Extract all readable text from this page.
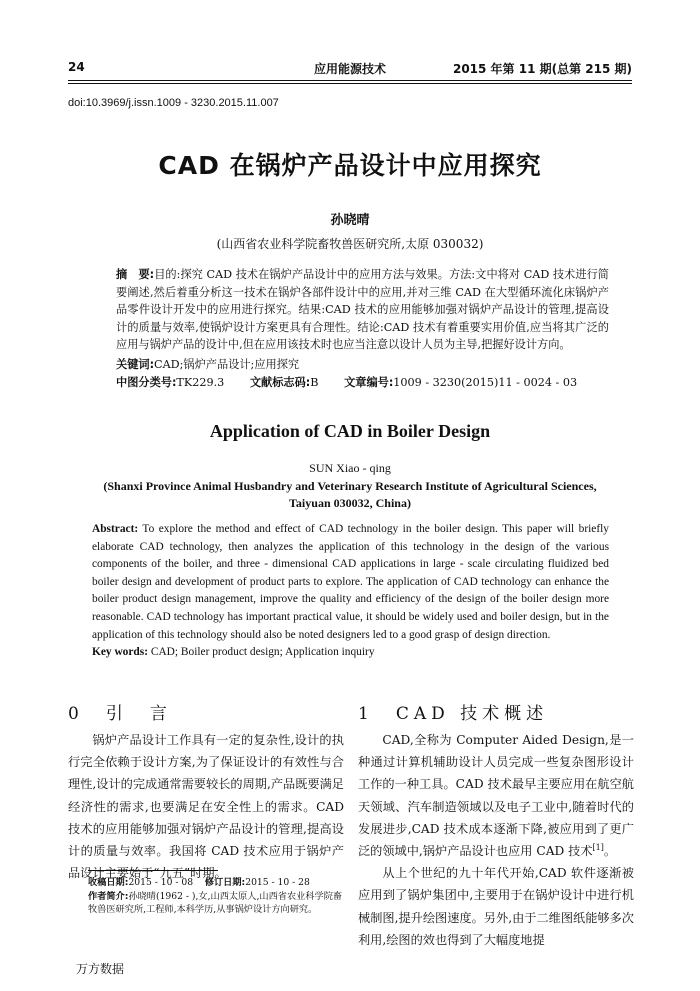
24	应用能源技术	2015 年第 11 期(总第 215 期)
doi:10.3969/j.issn.1009 - 3230.2015.11.007
CAD 在锅炉产品设计中应用探究
孙晓晴
(山西省农业科学院畜牧兽医研究所,太原 030032)
摘　要:目的:探究 CAD 技术在锅炉产品设计中的应用方法与效果。方法:文中将对 CAD 技术进行简要阐述,然后着重分析这一技术在锅炉各部件设计中的应用,并对三维 CAD 在大型循环流化床锅炉产品零件设计开发中的应用进行探究。结果:CAD 技术的应用能够加强对锅炉产品设计的管理,提高设计的质量与效率,使锅炉设计方案更具有合理性。结论:CAD 技术有着重要实用价值,应当将其广泛的应用与锅炉产品的设计中,但在应用该技术时也应当注意以设计人员为主导,把握好设计方向。
关键词:CAD;锅炉产品设计;应用探究
中图分类号:TK229.3 文献标志码:B 文章编号:1009 - 3230(2015)11 - 0024 - 03
Application of CAD in Boiler Design
SUN Xiao - qing
(Shanxi Province Animal Husbandry and Veterinary Research Institute of Agricultural Sciences, Taiyuan 030032, China)
Abstract: To explore the method and effect of CAD technology in the boiler design. This paper will briefly elaborate CAD technology, then analyzes the application of this technology in the design of the various components of the boiler, and three - dimensional CAD applications in large - scale circulating fluidized bed boiler design and development of product parts to explore. The application of CAD technology can enhance the boiler product design management, improve the quality and efficiency of the design of the boiler design more reasonable. CAD technology has important practical value, it should be widely used and boiler design, but in the application of this technology should also be noted designers led to a good grasp of design direction.
Key words: CAD; Boiler product design; Application inquiry
0　引　言

锅炉产品设计工作具有一定的复杂性,设计的执行完全依赖于设计方案,为了保证设计的有效性与合理性,设计的完成通常需要较长的周期,产品既要满足经济性的需求,也要满足在安全性上的需求。CAD 技术的应用能够加强对锅炉产品设计的管理,提高设计的质量与效率。我国将 CAD 技术应用于锅炉产品设计主要始于“九五”时期。

1　CAD 技术概述

CAD,全称为 Computer Aided Design,是一种通过计算机辅助设计人员完成一些复杂图形设计工作的一种工具。CAD 技术最早主要应用在航空航天领域、汽车制造领域以及电子工业中,随着时代的发展进步,CAD 技术成本逐渐下降,被应用到了更广泛的领域中,锅炉产品设计也应用 CAD 技术[1]。

从上个世纪的九十年代开始,CAD 软件逐渐被应用到了锅炉集团中,主要用于在锅炉设计中进行机械制图,提升绘图速度。另外,由于二维图纸能够多次利用,绘图的效也得到了大幅度地提

收稿日期:2015 - 10 - 08 修订日期:2015 - 10 - 28
作者简介:孙晓晴(1962 - ),女,山西太原人,山西省农业科学院畜牧兽医研究所,工程师,本科学历,从事锅炉设计方向研究。
万方数据
